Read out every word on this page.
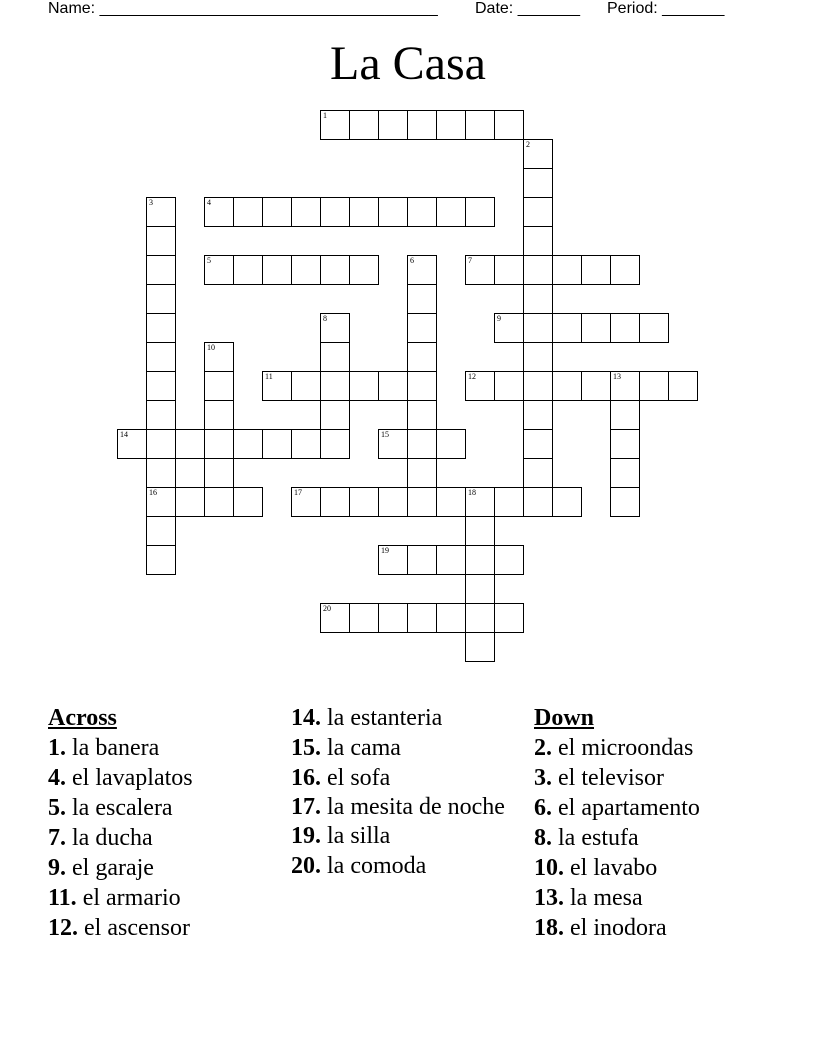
Name: ______________________________________ Date: _______ Period: _______
La Casa
1
4
5	7
9
11	12	13
14	15
16	17	18
19
20
2
3
6
8
10
Across
1. la banera
4. el lavaplatos
5. la escalera
7. la ducha
9. el garaje
11. el armario
12. el ascensor
14. la estanteria
15. la cama
16. el sofa
17. la mesita de noche
19. la silla
20. la comoda
Down
2. el microondas
3. el televisor
6. el apartamento
8. la estufa
10. el lavabo
13. la mesa
18. el inodora
